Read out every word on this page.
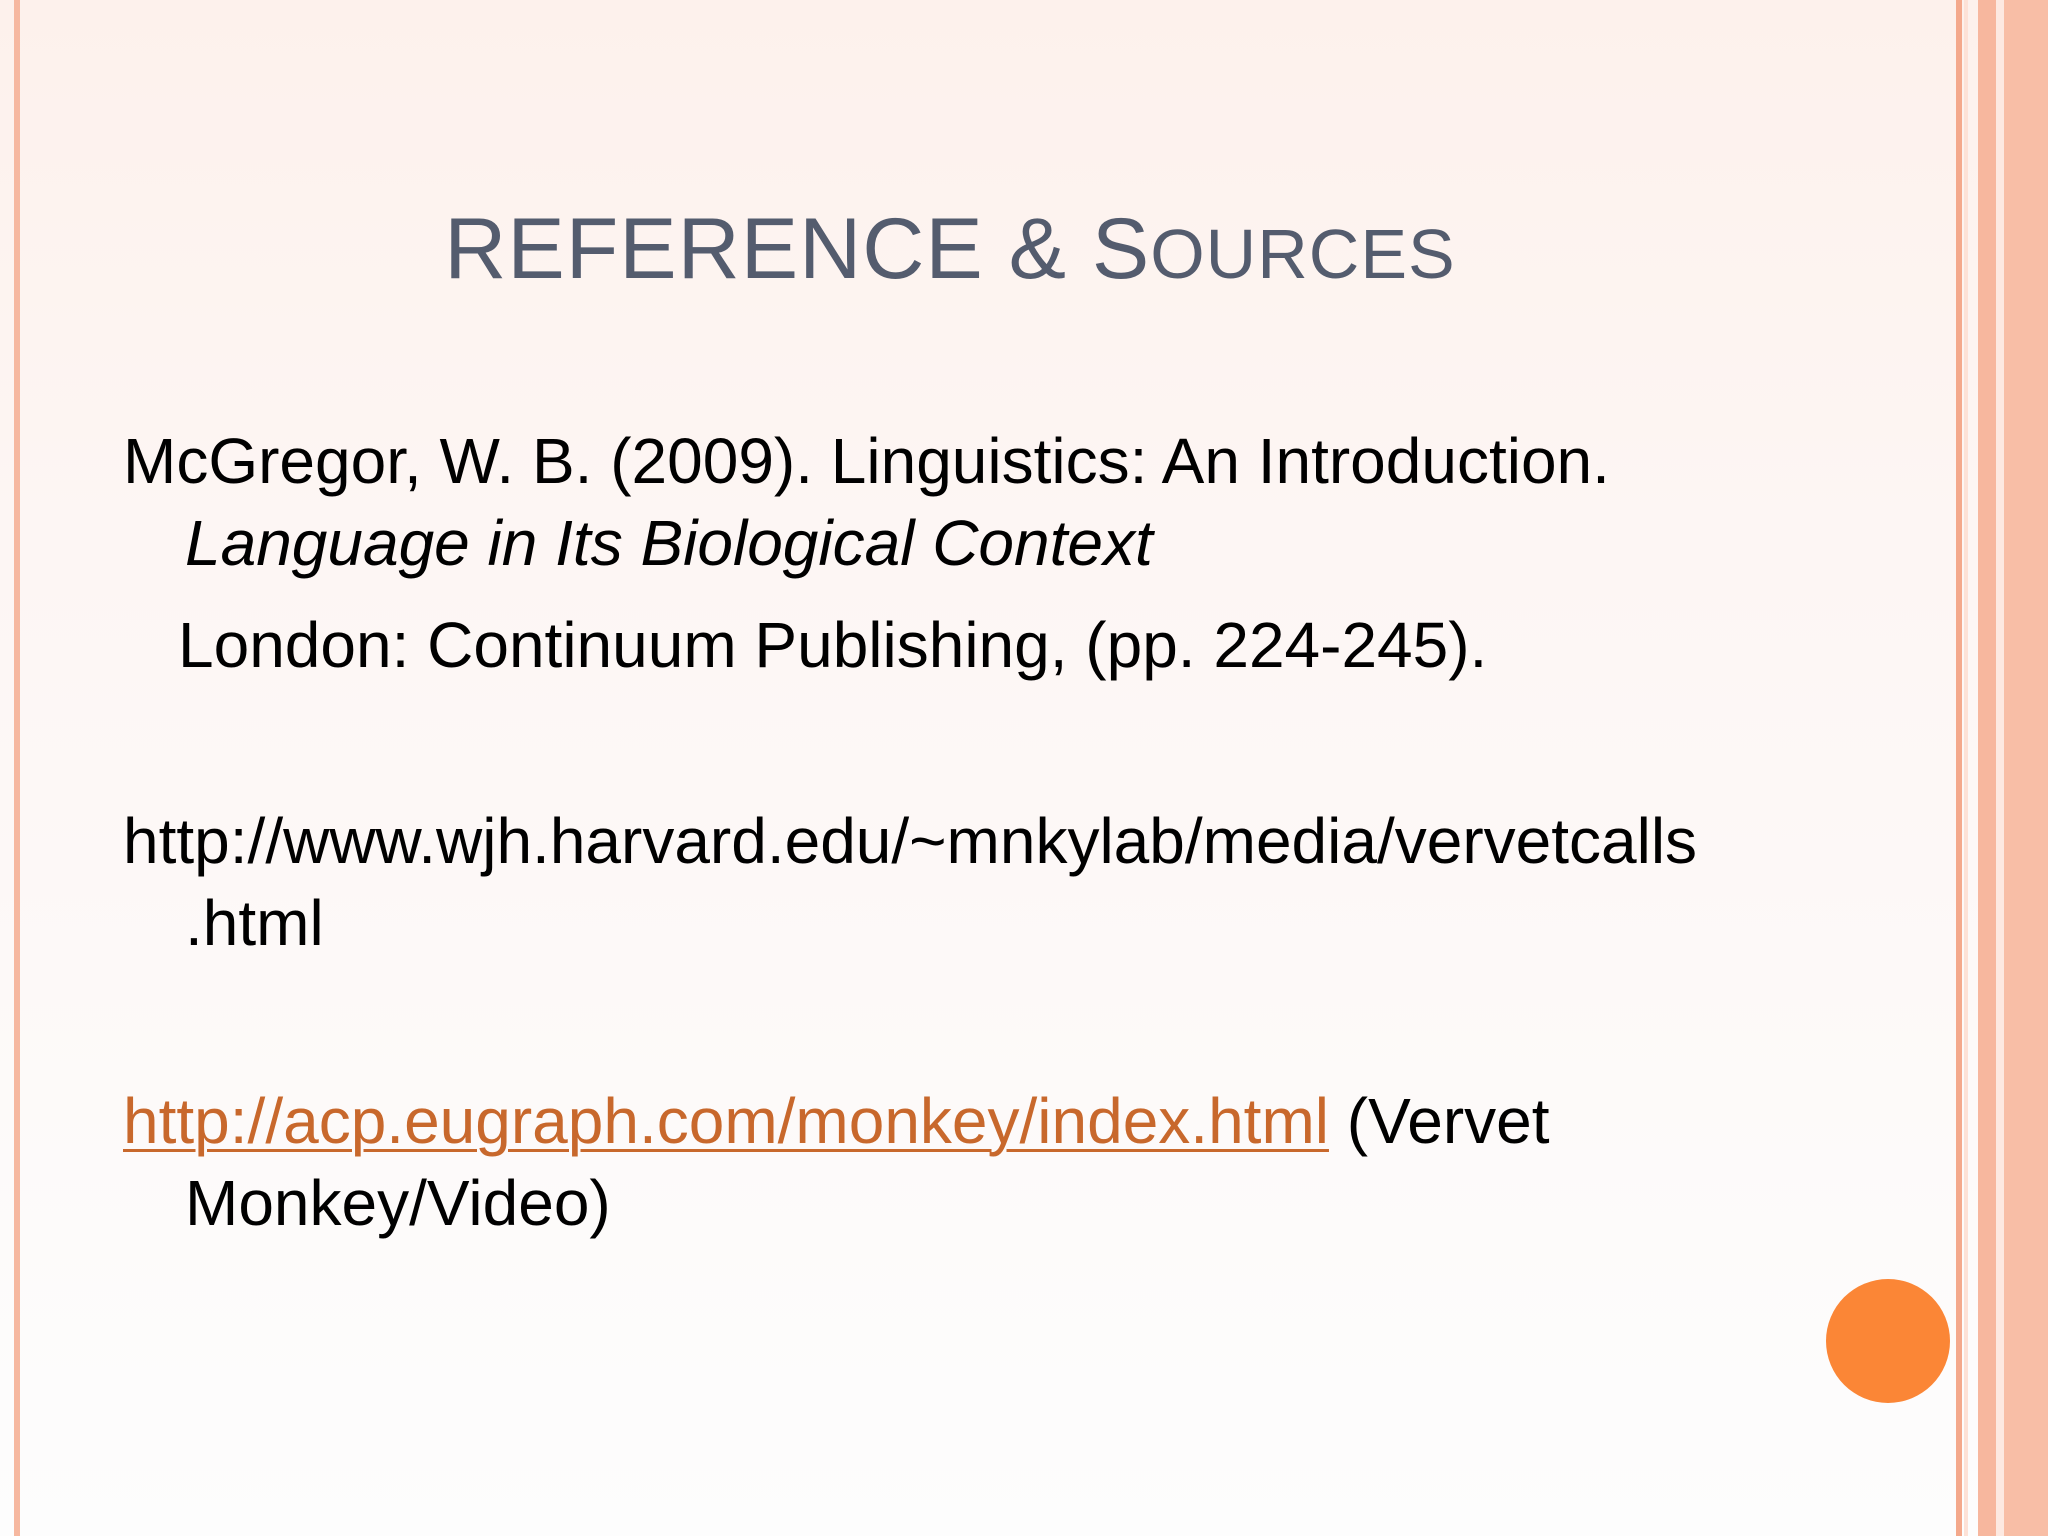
REFERENCE & SOURCES
McGregor, W. B. (2009). Linguistics: An Introduction.
Language in Its Biological Context
London: Continuum Publishing, (pp. 224-245).
http://www.wjh.harvard.edu/~mnkylab/media/vervetcalls
.html
http://acp.eugraph.com/monkey/index.html (Vervet
Monkey/Video)
